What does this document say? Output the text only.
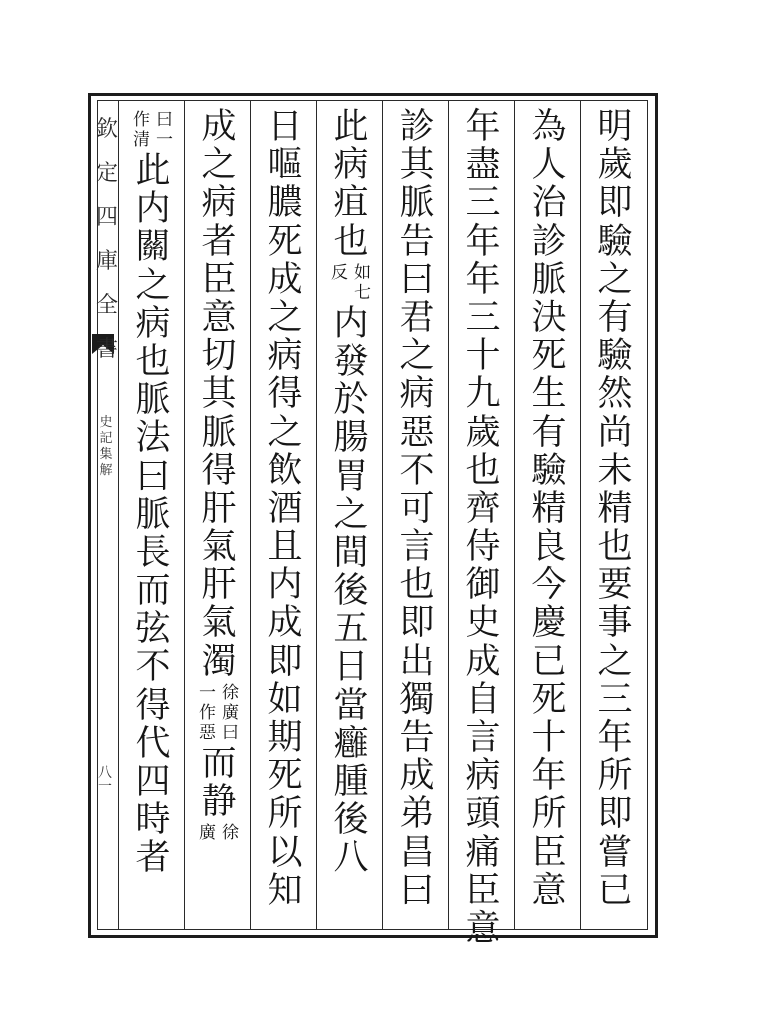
欽
定
四
庫
全
書
史
記
集
解
八
一
明
歲
即
驗
之
有
驗
然
尚
未
精
也
要
事
之
三
年
所
即
嘗
已
為
人
治
診
脈
決
死
生
有
驗
精
良
今
慶
已
死
十
年
所
臣
意
年
盡
三
年
年
三
十
九
歲
也
齊
侍
御
史
成
自
言
病
頭
痛
臣
意
診
其
脈
告
曰
君
之
病
惡
不
可
言
也
即
出
獨
告
成
弟
昌
曰
此
病
疽
也
如
七
反
内
發
於
腸
胃
之
間
後
五
日
當
癰
腫
後
八
日
嘔
膿
死
成
之
病
得
之
飲
酒
且
内
成
即
如
期
死
所
以
知
成
之
病
者
臣
意
切
其
脈
得
肝
氣
肝
氣
濁
徐
廣
曰
一
作
惡
而
静
徐
廣
曰
一
作
清
此
内
關
之
病
也
脈
法
曰
脈
長
而
弦
不
得
代
四
時
者
